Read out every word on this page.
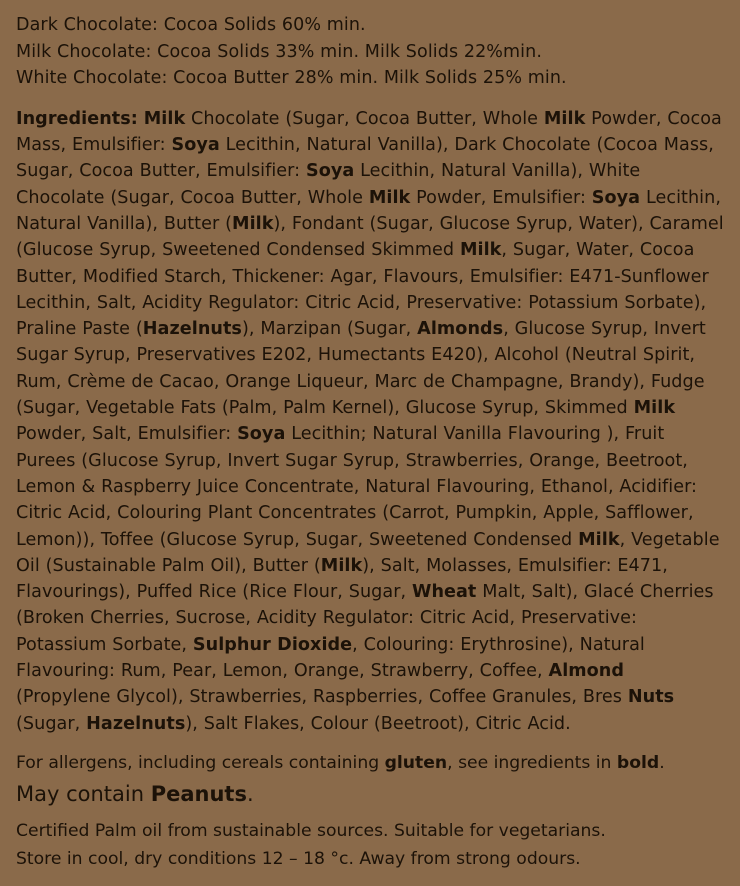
Dark Chocolate: Cocoa Solids 60% min.
Milk Chocolate: Cocoa Solids 33% min. Milk Solids 22%min.
White Chocolate: Cocoa Butter 28% min. Milk Solids 25% min.
Ingredients: Milk Chocolate (Sugar, Cocoa Butter, Whole Milk Powder, Cocoa Mass, Emulsifier: Soya Lecithin, Natural Vanilla), Dark Chocolate (Cocoa Mass, Sugar, Cocoa Butter, Emulsifier: Soya Lecithin, Natural Vanilla), White Chocolate (Sugar, Cocoa Butter, Whole Milk Powder, Emulsifier: Soya Lecithin, Natural Vanilla), Butter (Milk), Fondant (Sugar, Glucose Syrup, Water), Caramel (Glucose Syrup, Sweetened Condensed Skimmed Milk, Sugar, Water, Cocoa Butter, Modified Starch, Thickener: Agar, Flavours, Emulsifier: E471-Sunflower Lecithin, Salt, Acidity Regulator: Citric Acid, Preservative: Potassium Sorbate), Praline Paste (Hazelnuts), Marzipan (Sugar, Almonds, Glucose Syrup, Invert Sugar Syrup, Preservatives E202, Humectants E420), Alcohol (Neutral Spirit, Rum, Crème de Cacao, Orange Liqueur, Marc de Champagne, Brandy), Fudge (Sugar, Vegetable Fats (Palm, Palm Kernel), Glucose Syrup, Skimmed Milk Powder, Salt, Emulsifier: Soya Lecithin; Natural Vanilla Flavouring ), Fruit Purees (Glucose Syrup, Invert Sugar Syrup, Strawberries, Orange, Beetroot, Lemon & Raspberry Juice Concentrate, Natural Flavouring, Ethanol, Acidifier: Citric Acid, Colouring Plant Concentrates (Carrot, Pumpkin, Apple, Safflower, Lemon)), Toffee (Glucose Syrup, Sugar, Sweetened Condensed Milk, Vegetable Oil (Sustainable Palm Oil), Butter (Milk), Salt, Molasses, Emulsifier: E471, Flavourings), Puffed Rice (Rice Flour, Sugar, Wheat Malt, Salt), Glacé Cherries (Broken Cherries, Sucrose, Acidity Regulator: Citric Acid, Preservative: Potassium Sorbate, Sulphur Dioxide, Colouring: Erythrosine), Natural Flavouring: Rum, Pear, Lemon, Orange, Strawberry, Coffee, Almond (Propylene Glycol), Strawberries, Raspberries, Coffee Granules, Bres Nuts (Sugar, Hazelnuts), Salt Flakes, Colour (Beetroot), Citric Acid.
For allergens, including cereals containing gluten, see ingredients in bold.
May contain Peanuts.
Certified Palm oil from sustainable sources. Suitable for vegetarians.
Store in cool, dry conditions 12 – 18 °c. Away from strong odours.
